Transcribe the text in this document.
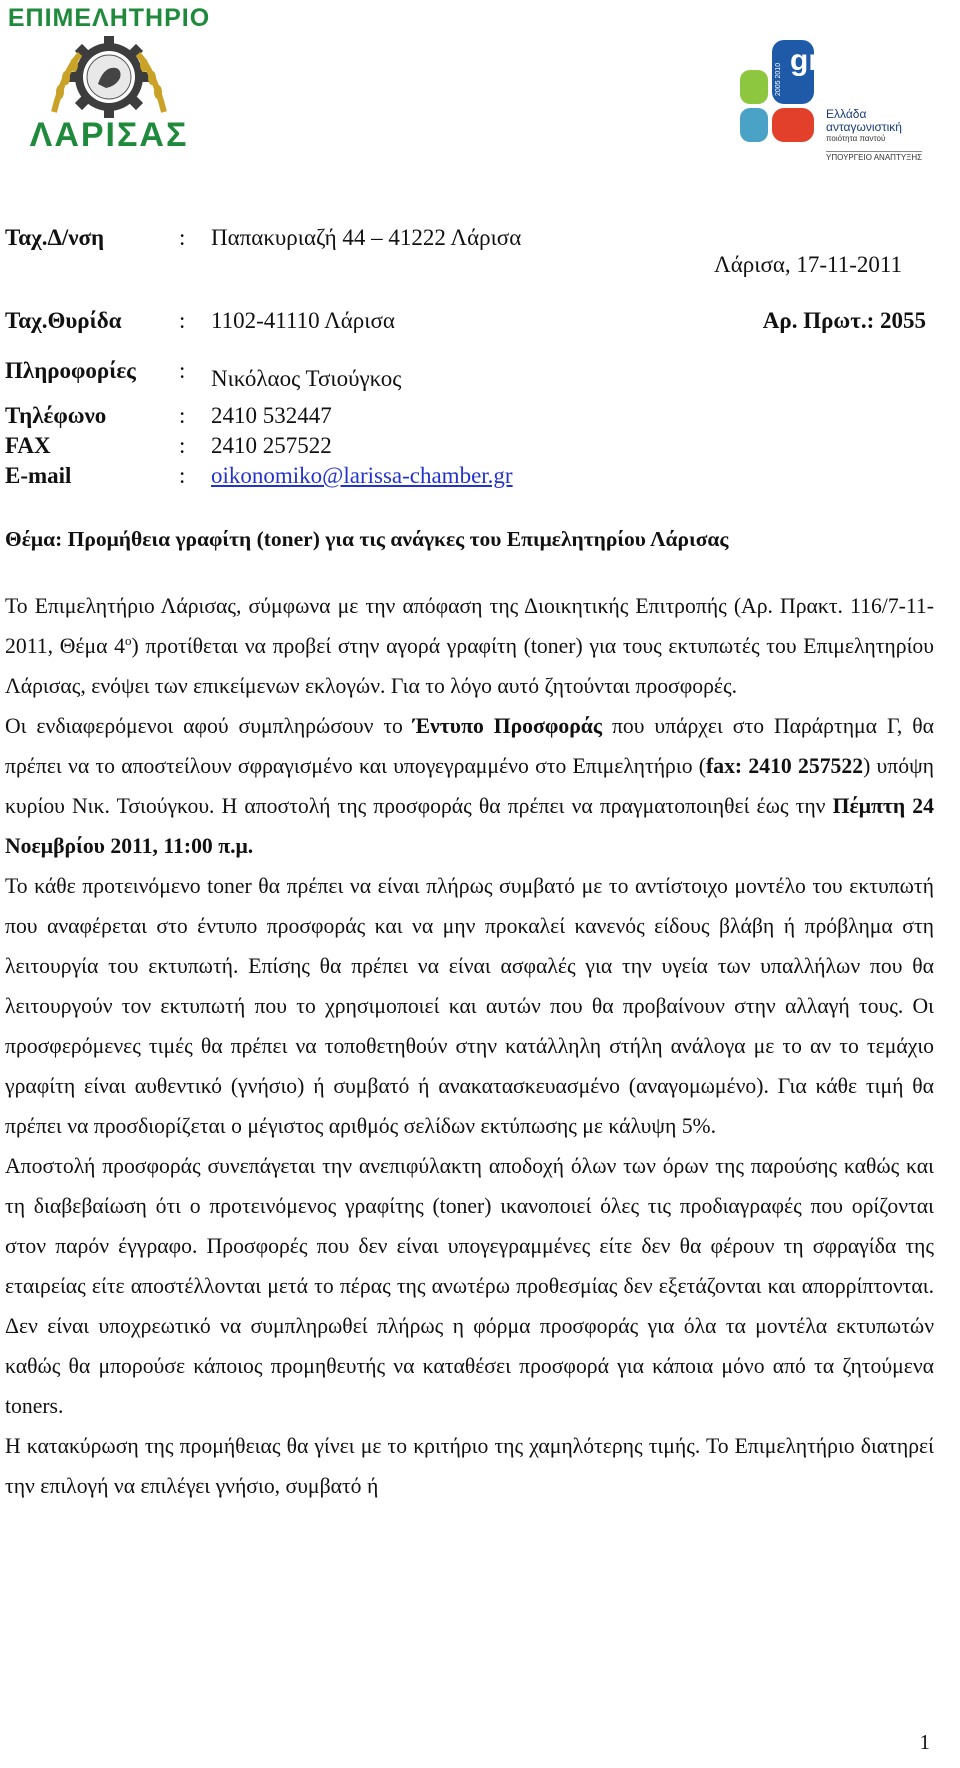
ΕΠΙΜΕΛΗΤΗΡΙΟ
ΛΑΡΙΣΑΣ
gr
2005 2010
Ελλάδα
ανταγωνιστική
ποιότητα παντού
ΥΠΟΥΡΓΕΙΟ ΑΝΑΠΤΥΞΗΣ
Ταχ.Δ/νση	: Παπακυριαζή 44 – 41222 Λάρισα
Λάρισα, 17-11-2011
Ταχ.Θυρίδα : 1102-41110 Λάρισα	Αρ. Πρωτ.: 2055
Πληροφορίες : Νικόλαος Τσιούγκος
Τηλέφωνο	: 2410 532447
FAX	: 2410 257522
E-mail	: oikonomiko@larissa-chamber.gr
Θέμα: Προμήθεια γραφίτη (toner) για τις ανάγκες του Επιμελητηρίου Λάρισας

Το Επιμελητήριο Λάρισας, σύμφωνα με την απόφαση της Διοικητικής Επιτροπής (Αρ. Πρακτ. 116/7-11-2011, Θέμα $4^o$) προτίθεται να προβεί στην αγορά γραφίτη (toner) για τους εκτυπωτές του Επιμελητηρίου Λάρισας, ενόψει των επικείμενων εκλογών. Για το λόγο αυτό ζητούνται προσφορές.

Οι ενδιαφερόμενοι αφού συμπληρώσουν το Έντυπο Προσφοράς που υπάρχει στο Παράρτημα Γ, θα πρέπει να το αποστείλουν σφραγισμένο και υπογεγραμμένο στο Επιμελητήριο (fax: 2410 257522) υπόψη κυρίου Νικ. Τσιούγκου. Η αποστολή της προσφοράς θα πρέπει να πραγματοποιηθεί έως την Πέμπτη 24 Νοεμβρίου 2011, 11:00 π.μ.

Το κάθε προτεινόμενο toner θα πρέπει να είναι πλήρως συμβατό με το αντίστοιχο μοντέλο του εκτυπωτή που αναφέρεται στο έντυπο προσφοράς και να μην προκαλεί κανενός είδους βλάβη ή πρόβλημα στη λειτουργία του εκτυπωτή. Επίσης θα πρέπει να είναι ασφαλές για την υγεία των υπαλλήλων που θα λειτουργούν τον εκτυπωτή που το χρησιμοποιεί και αυτών που θα προβαίνουν στην αλλαγή τους. Οι προσφερόμενες τιμές θα πρέπει να τοποθετηθούν στην κατάλληλη στήλη ανάλογα με το αν το τεμάχιο γραφίτη είναι αυθεντικό (γνήσιο) ή συμβατό ή ανακατασκευασμένο (αναγομωμένο). Για κάθε τιμή θα πρέπει να προσδιορίζεται ο μέγιστος αριθμός σελίδων εκτύπωσης με κάλυψη 5%.

Αποστολή προσφοράς συνεπάγεται την ανεπιφύλακτη αποδοχή όλων των όρων της παρούσης καθώς και τη διαβεβαίωση ότι ο προτεινόμενος γραφίτης (toner) ικανοποιεί όλες τις προδιαγραφές που ορίζονται στον παρόν έγγραφο. Προσφορές που δεν είναι υπογεγραμμένες είτε δεν θα φέρουν τη σφραγίδα της εταιρείας είτε αποστέλλονται μετά το πέρας της ανωτέρω προθεσμίας δεν εξετάζονται και απορρίπτονται. Δεν είναι υποχρεωτικό να συμπληρωθεί πλήρως η φόρμα προσφοράς για όλα τα μοντέλα εκτυπωτών καθώς θα μπορούσε κάποιος προμηθευτής να καταθέσει προσφορά για κάποια μόνο από τα ζητούμενα toners.

Η κατακύρωση της προμήθειας θα γίνει με το κριτήριο της χαμηλότερης τιμής. Το Επιμελητήριο διατηρεί την επιλογή να επιλέγει γνήσιο, συμβατό ή

1
